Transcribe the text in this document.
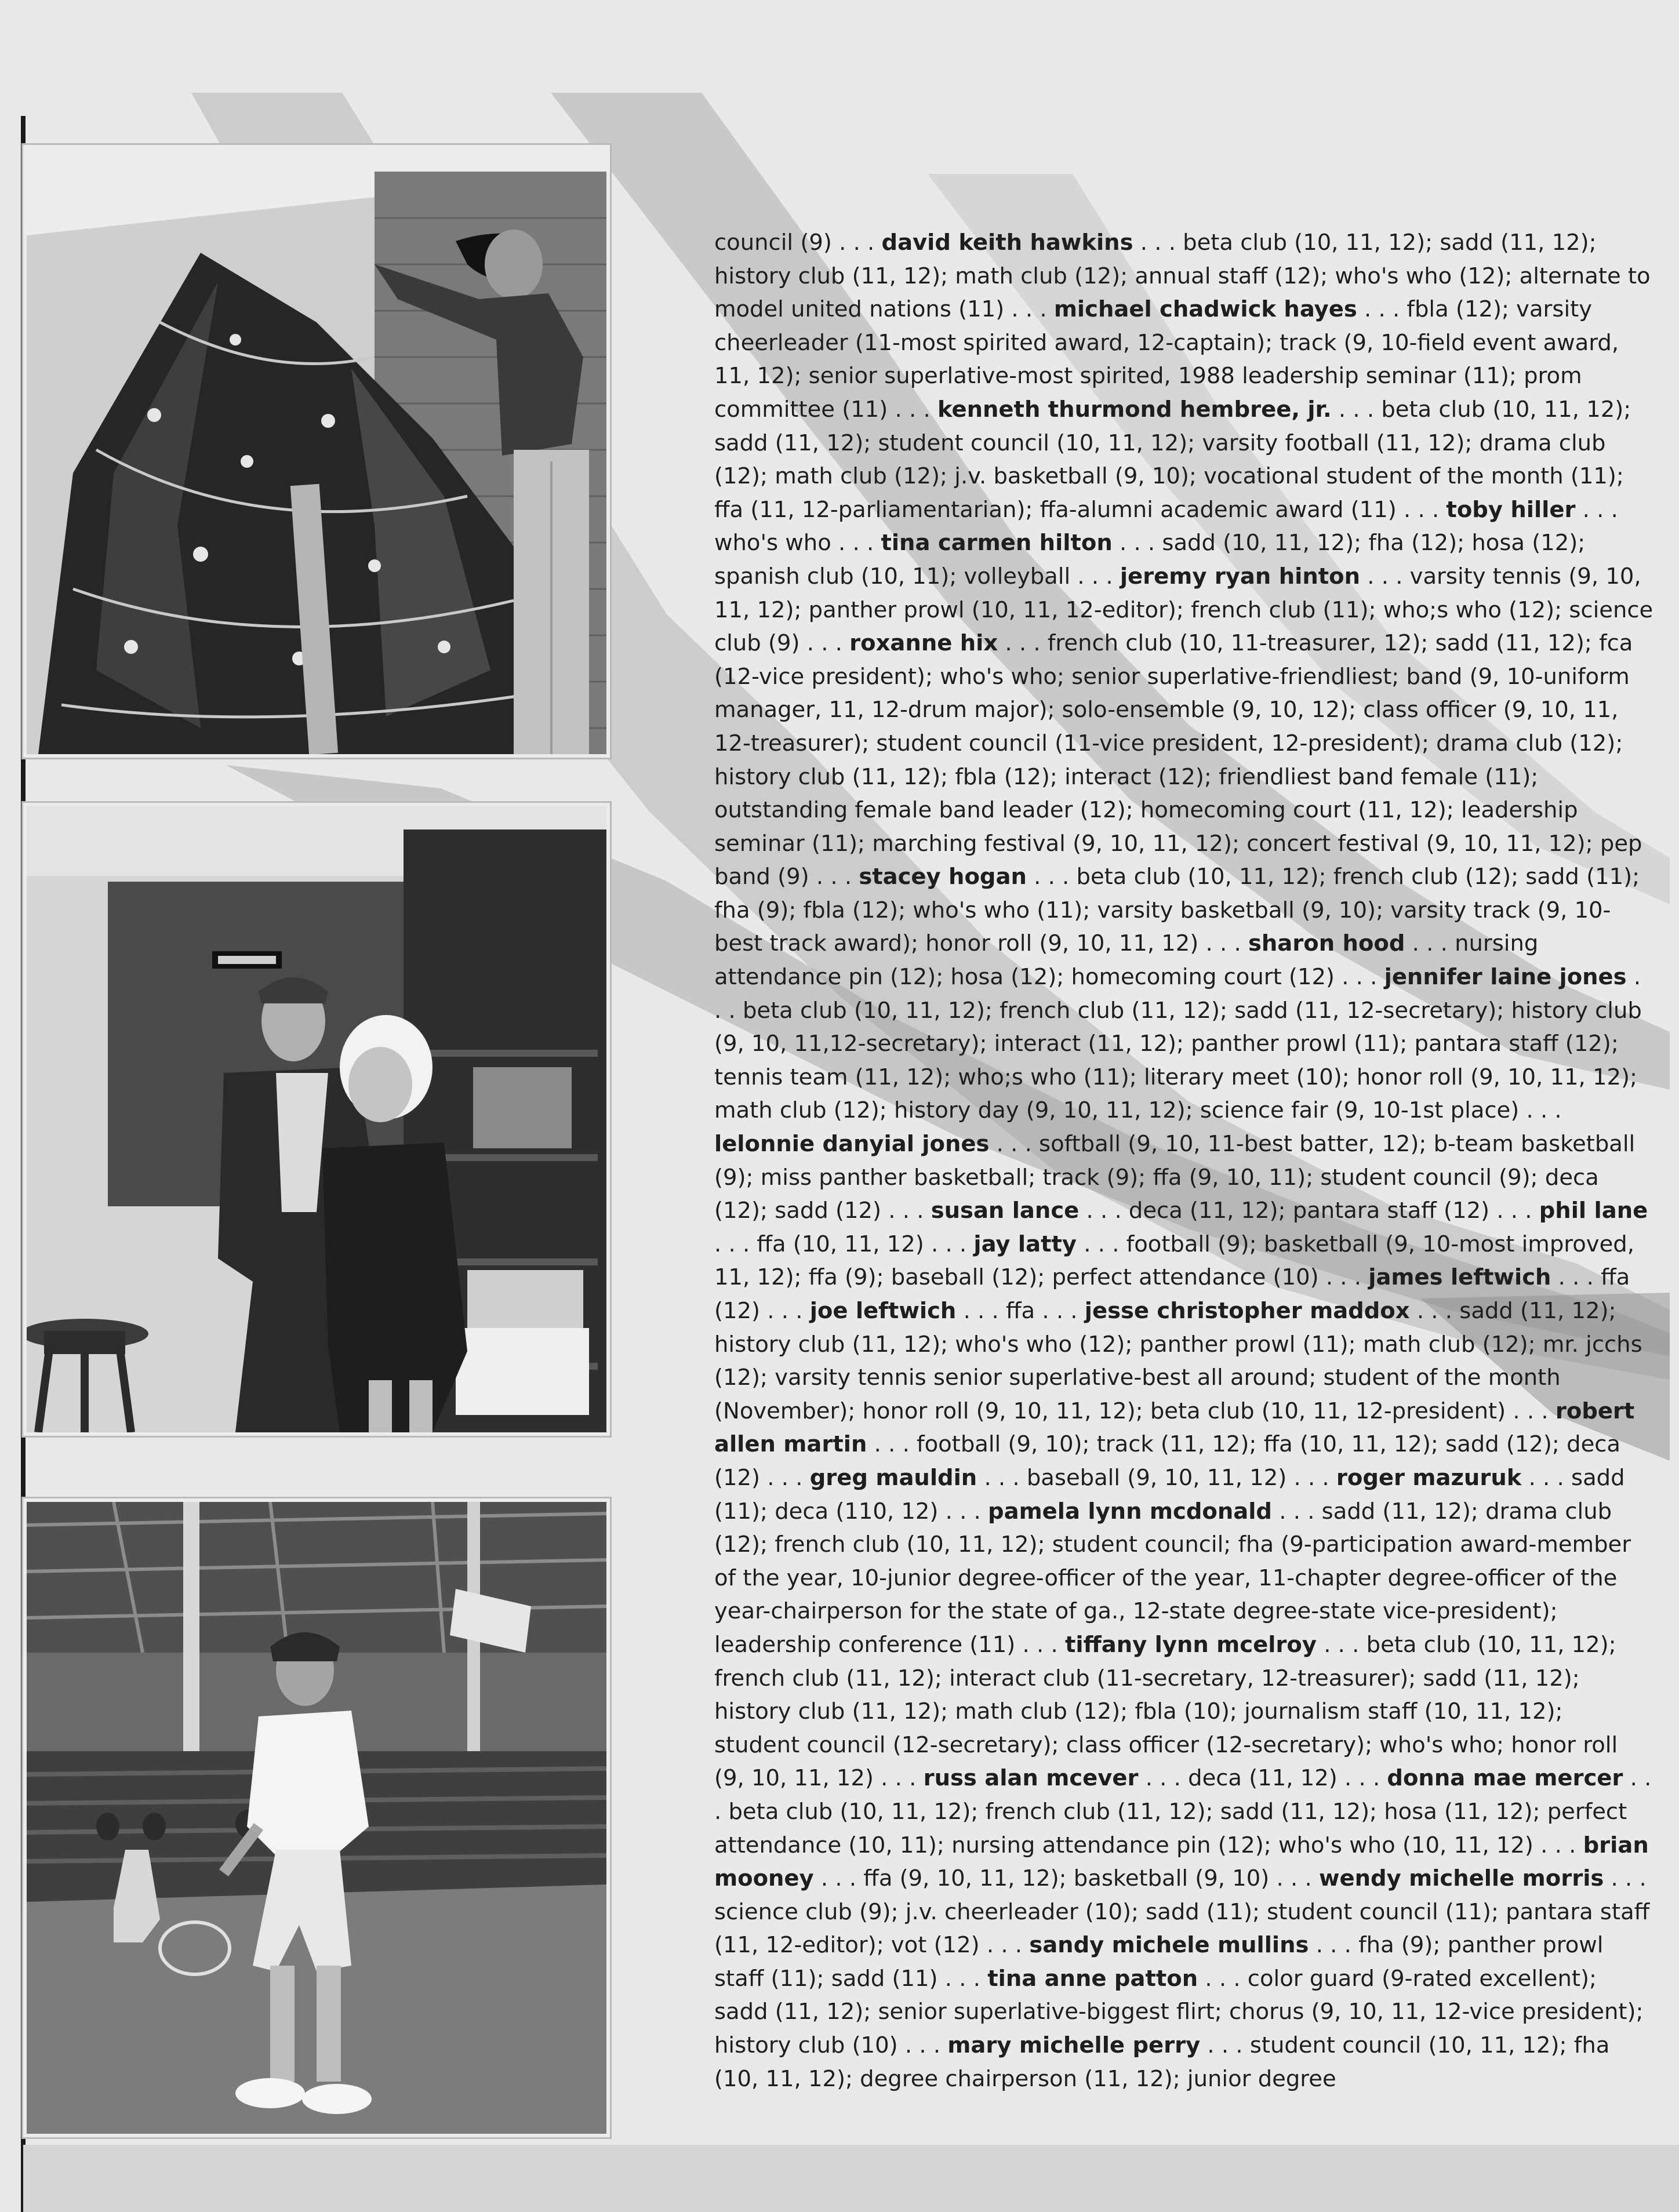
council (9) . . . david keith hawkins . . . beta club (10, 11, 12); sadd (11, 12); history club (11, 12); math club (12); annual staff (12); who's who (12); alternate to model united nations (11) . . . michael chadwick hayes . . . fbla (12); varsity cheerleader (11-most spirited award, 12-captain); track (9, 10-field event award, 11, 12); senior superlative-most spirited, 1988 leadership seminar (11); prom committee (11) . . . kenneth thurmond hembree, jr. . . . beta club (10, 11, 12); sadd (11, 12); student council (10, 11, 12); varsity football (11, 12); drama club (12); math club (12); j.v. basketball (9, 10); vocational student of the month (11); ffa (11, 12-parliamentarian); ffa-alumni academic award (11) . . . toby hiller . . . who's who . . . tina carmen hilton . . . sadd (10, 11, 12); fha (12); hosa (12); spanish club (10, 11); volleyball . . . jeremy ryan hinton . . . varsity tennis (9, 10, 11, 12); panther prowl (10, 11, 12-editor); french club (11); who;s who (12); science club (9) . . . roxanne hix . . . french club (10, 11-treasurer, 12); sadd (11, 12); fca (12-vice president); who's who; senior superlative-friendliest; band (9, 10-uniform manager, 11, 12-drum major); solo-ensemble (9, 10, 12); class officer (9, 10, 11, 12-treasurer); student council (11-vice president, 12-president); drama club (12); history club (11, 12); fbla (12); interact (12); friendliest band female (11); outstanding female band leader (12); homecoming court (11, 12); leadership seminar (11); marching festival (9, 10, 11, 12); concert festival (9, 10, 11, 12); pep band (9) . . . stacey hogan . . . beta club (10, 11, 12); french club (12); sadd (11); fha (9); fbla (12); who's who (11); varsity basketball (9, 10); varsity track (9, 10-best track award); honor roll (9, 10, 11, 12) . . . sharon hood . . . nursing attendance pin (12); hosa (12); homecoming court (12) . . . jennifer laine jones . . . beta club (10, 11, 12); french club (11, 12); sadd (11, 12-secretary); history club (9, 10, 11,12-secretary); interact (11, 12); panther prowl (11); pantara staff (12); tennis team (11, 12); who;s who (11); literary meet (10); honor roll (9, 10, 11, 12); math club (12); history day (9, 10, 11, 12); science fair (9, 10-1st place) . . . lelonnie danyial jones . . . softball (9, 10, 11-best batter, 12); b-team basketball (9); miss panther basketball; track (9); ffa (9, 10, 11); student council (9); deca (12); sadd (12) . . . susan lance . . . deca (11, 12); pantara staff (12) . . . phil lane . . . ffa (10, 11, 12) . . . jay latty . . . football (9); basketball (9, 10-most improved, 11, 12); ffa (9); baseball (12); perfect attendance (10) . . . james leftwich . . . ffa (12) . . . joe leftwich . . . ffa . . . jesse christopher maddox . . . sadd (11, 12); history club (11, 12); who's who (12); panther prowl (11); math club (12); mr. jcchs (12); varsity tennis senior superlative-best all around; student of the month (November); honor roll (9, 10, 11, 12); beta club (10, 11, 12-president) . . . robert allen martin . . . football (9, 10); track (11, 12); ffa (10, 11, 12); sadd (12); deca (12) . . . greg mauldin . . . baseball (9, 10, 11, 12) . . . roger mazuruk . . . sadd (11); deca (110, 12) . . . pamela lynn mcdonald . . . sadd (11, 12); drama club (12); french club (10, 11, 12); student council; fha (9-participation award-member of the year, 10-junior degree-officer of the year, 11-chapter degree-officer of the year-chairperson for the state of ga., 12-state degree-state vice-president); leadership conference (11) . . . tiffany lynn mcelroy . . . beta club (10, 11, 12); french club (11, 12); interact club (11-secretary, 12-treasurer); sadd (11, 12); history club (11, 12); math club (12); fbla (10); journalism staff (10, 11, 12); student council (12-secretary); class officer (12-secretary); who's who; honor roll (9, 10, 11, 12) . . . russ alan mcever . . . deca (11, 12) . . . donna mae mercer . . . beta club (10, 11, 12); french club (11, 12); sadd (11, 12); hosa (11, 12); perfect attendance (10, 11); nursing attendance pin (12); who's who (10, 11, 12) . . . brian mooney . . . ffa (9, 10, 11, 12); basketball (9, 10) . . . wendy michelle morris . . . science club (9); j.v. cheerleader (10); sadd (11); student council (11); pantara staff (11, 12-editor); vot (12) . . . sandy michele mullins . . . fha (9); panther prowl staff (11); sadd (11) . . . tina anne patton . . . color guard (9-rated excellent); sadd (11, 12); senior superlative-biggest flirt; chorus (9, 10, 11, 12-vice president); history club (10) . . . mary michelle perry . . . student council (10, 11, 12); fha (10, 11, 12); degree chairperson (11, 12); junior degree
